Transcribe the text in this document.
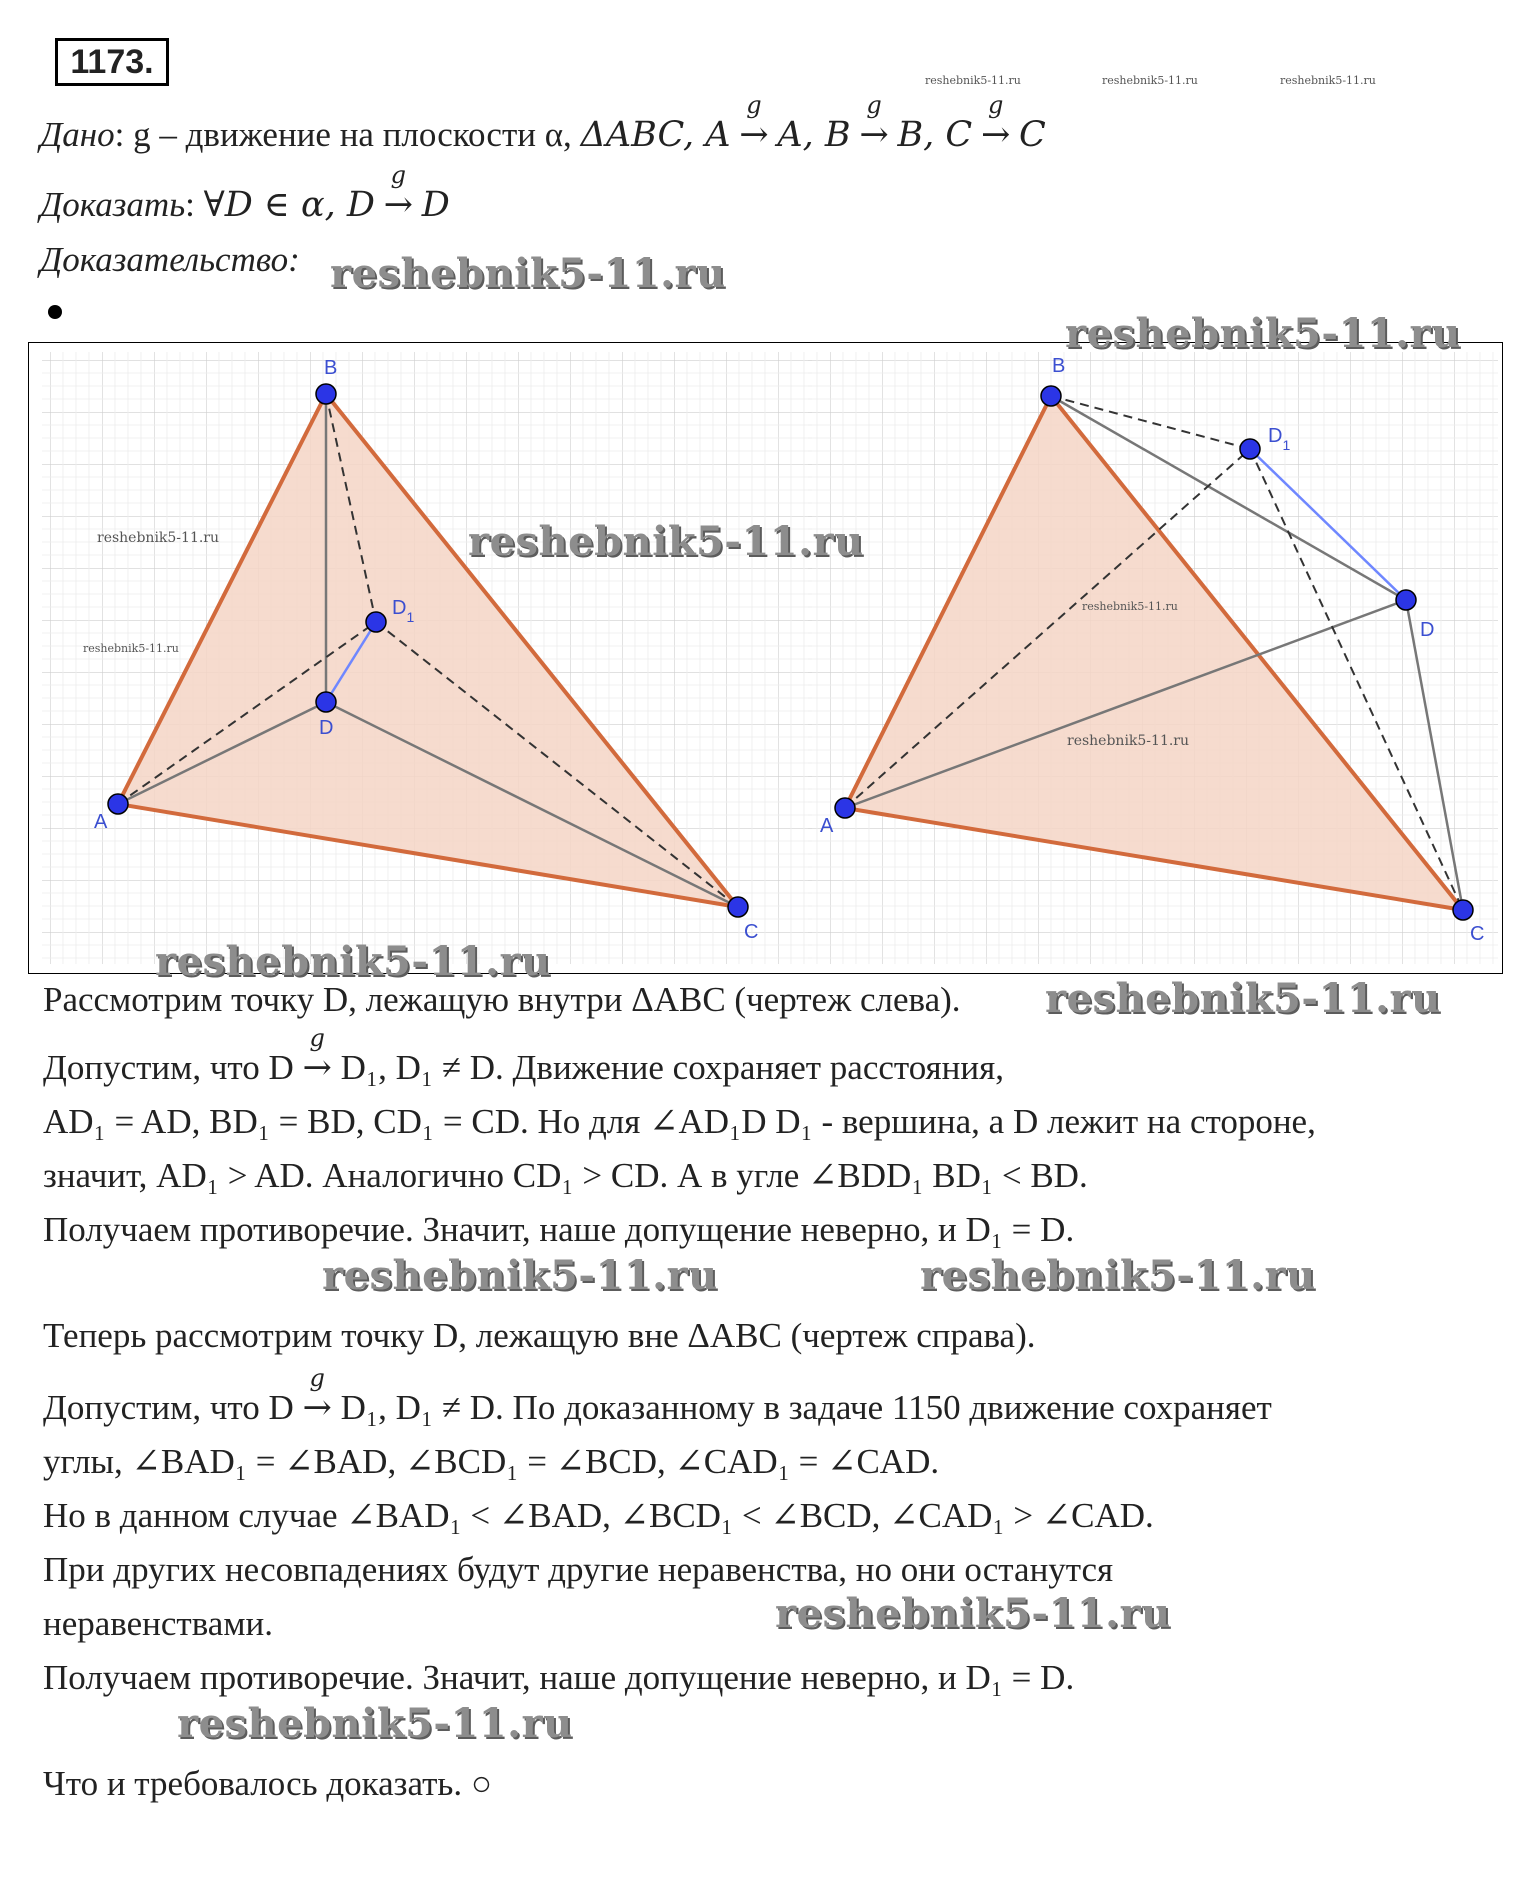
1173.	reshebnik5-11.ru	reshebnik5-11.ru	reshebnik5-11.ru
Дано: g – движение на плоскости α, ΔABC, A →
g
A, B →
g
B, C →
g
C
Доказать: ∀D ∈ α, D →
g
D
Доказательство: reshebnik5-11.ru
A
B
C
D
$D_1$
A
B
C
D
$D_1$
reshebnik5-11.ru
reshebnik5-11.ru
reshebnik5-11.ru
reshebnik5-11.ru
reshebnik5-11.ru
reshebnik5-11.ru
reshebnik5-11.ru
Рассмотрим точку D, лежащую внутри ΔABC (чертеж слева). reshebnik5-11.ru
Допустим, что D →
g
D₁, D₁ ≠ D. Движение сохраняет расстояния,
AD₁ = AD, BD₁ = BD, CD₁ = CD. Но для ∠AD₁D D₁ - вершина, а D лежит на стороне,
значит, AD₁ > AD. Аналогично CD₁ > CD. А в угле ∠BDD₁ BD₁ < BD.
Получаем противоречие. Значит, наше допущение неверно, и D₁ = D.
reshebnik5-11.ru	reshebnik5-11.ru
Теперь рассмотрим точку D, лежащую вне ΔABC (чертеж справа).
Допустим, что D →
g
D₁, D₁ ≠ D. По доказанному в задаче 1150 движение сохраняет
углы, ∠BAD₁ = ∠BAD, ∠BCD₁ = ∠BCD, ∠CAD₁ = ∠CAD.
Но в данном случае ∠BAD₁ < ∠BAD, ∠BCD₁ < ∠BCD, ∠CAD₁ > ∠CAD.
При других несовпадениях будут другие неравенства, но они останутся
неравенствами.	reshebnik5-11.ru
Получаем противоречие. Значит, наше допущение неверно, и D₁ = D.
reshebnik5-11.ru
Что и требовалось доказать. ○
